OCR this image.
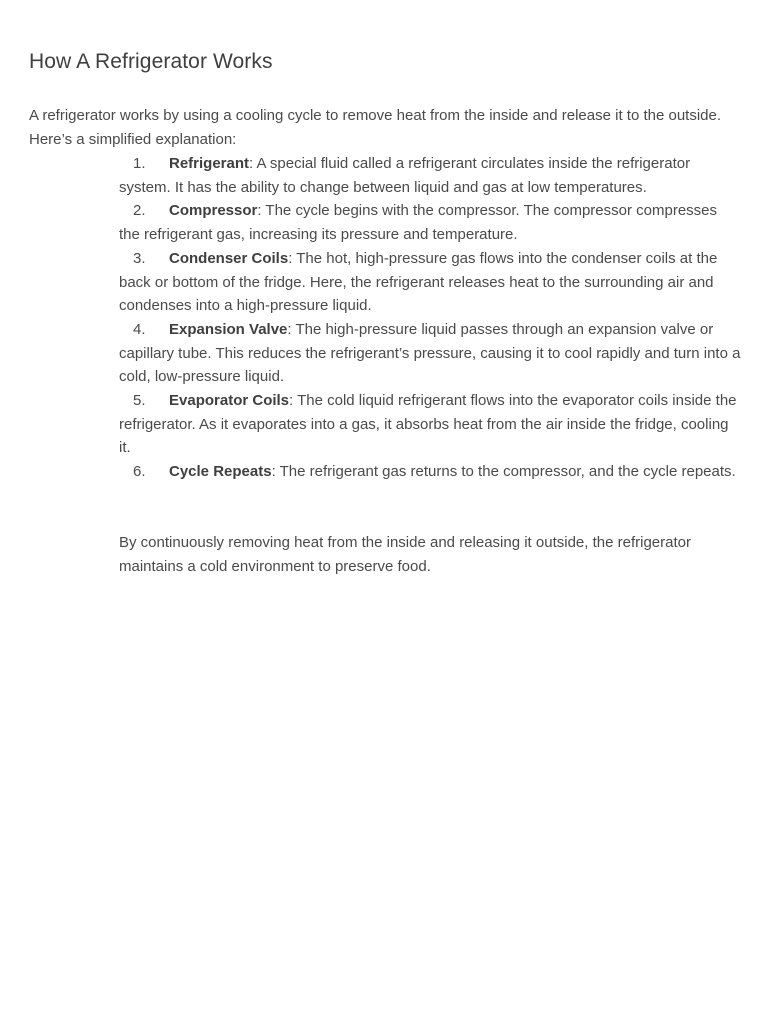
How A Refrigerator Works

A refrigerator works by using a cooling cycle to remove heat from the inside and release it to the outside. Here’s a simplified explanation:

1. Refrigerant: A special fluid called a refrigerant circulates inside the refrigerator system. It has the ability to change between liquid and gas at low temperatures.
2. Compressor: The cycle begins with the compressor. The compressor compresses the refrigerant gas, increasing its pressure and temperature.
3. Condenser Coils: The hot, high-pressure gas flows into the condenser coils at the back or bottom of the fridge. Here, the refrigerant releases heat to the surrounding air and condenses into a high-pressure liquid.
4. Expansion Valve: The high-pressure liquid passes through an expansion valve or capillary tube. This reduces the refrigerant’s pressure, causing it to cool rapidly and turn into a cold, low-pressure liquid.
5. Evaporator Coils: The cold liquid refrigerant flows into the evaporator coils inside the refrigerator. As it evaporates into a gas, it absorbs heat from the air inside the fridge, cooling it.
6. Cycle Repeats: The refrigerant gas returns to the compressor, and the cycle repeats.

By continuously removing heat from the inside and releasing it outside, the refrigerator maintains a cold environment to preserve food.
